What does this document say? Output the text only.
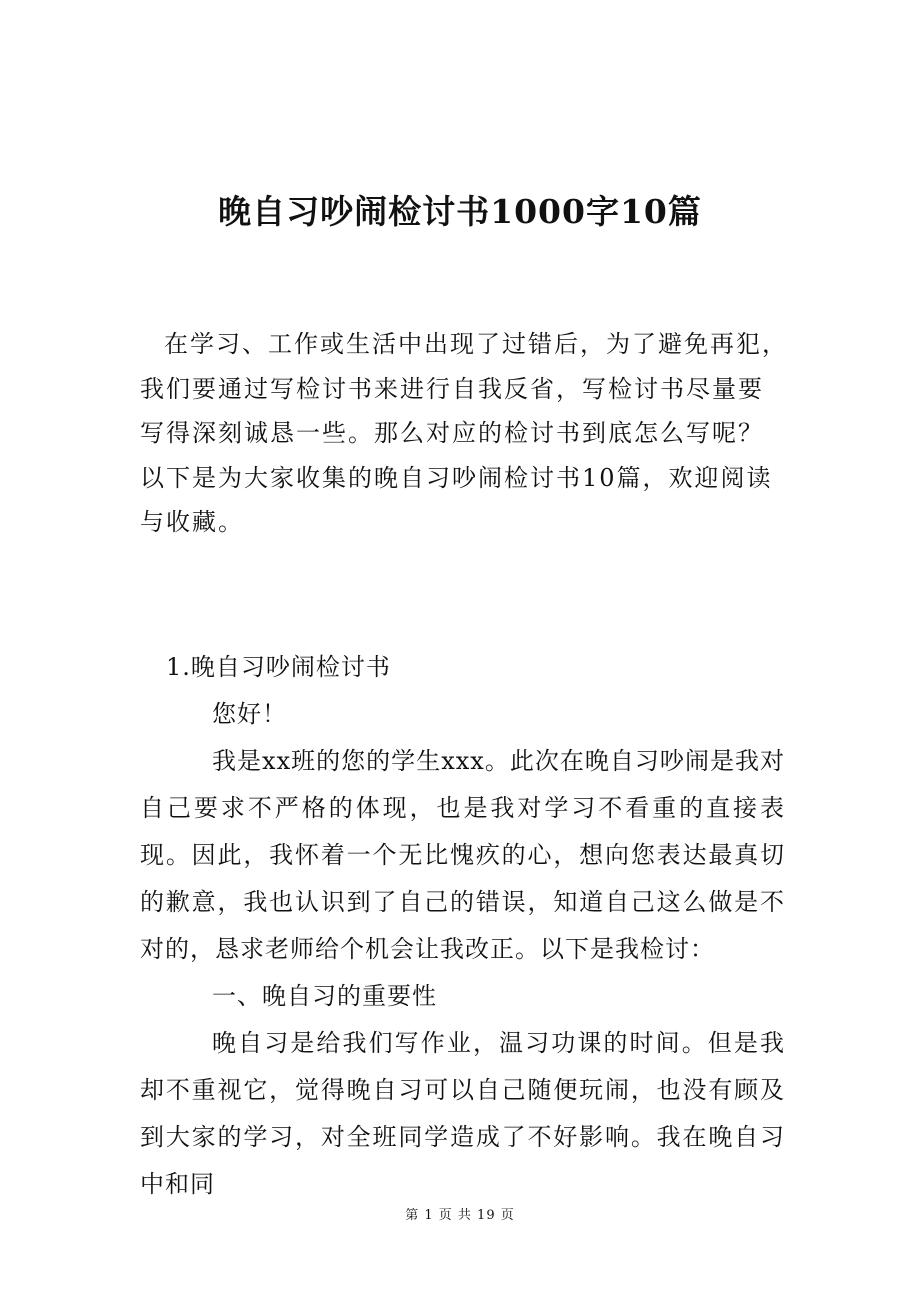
晚自习吵闹检讨书1000字10篇
在学习、工作或生活中出现了过错后，为了避免再犯，我们要通过写检讨书来进行自我反省，写检讨书尽量要写得深刻诚恳一些。那么对应的检讨书到底怎么写呢？以下是为大家收集的晚自习吵闹检讨书10篇，欢迎阅读与收藏。
1.晚自习吵闹检讨书
您好！
我是xx班的您的学生xxx。此次在晚自习吵闹是我对自己要求不严格的体现，也是我对学习不看重的直接表现。因此，我怀着一个无比愧疚的心，想向您表达最真切的歉意，我也认识到了自己的错误，知道自己这么做是不对的，恳求老师给个机会让我改正。以下是我检讨：
一、晚自习的重要性
晚自习是给我们写作业，温习功课的时间。但是我却不重视它，觉得晚自习可以自己随便玩闹，也没有顾及到大家的学习，对全班同学造成了不好影响。我在晚自习中和同
第 1 页 共 19 页
